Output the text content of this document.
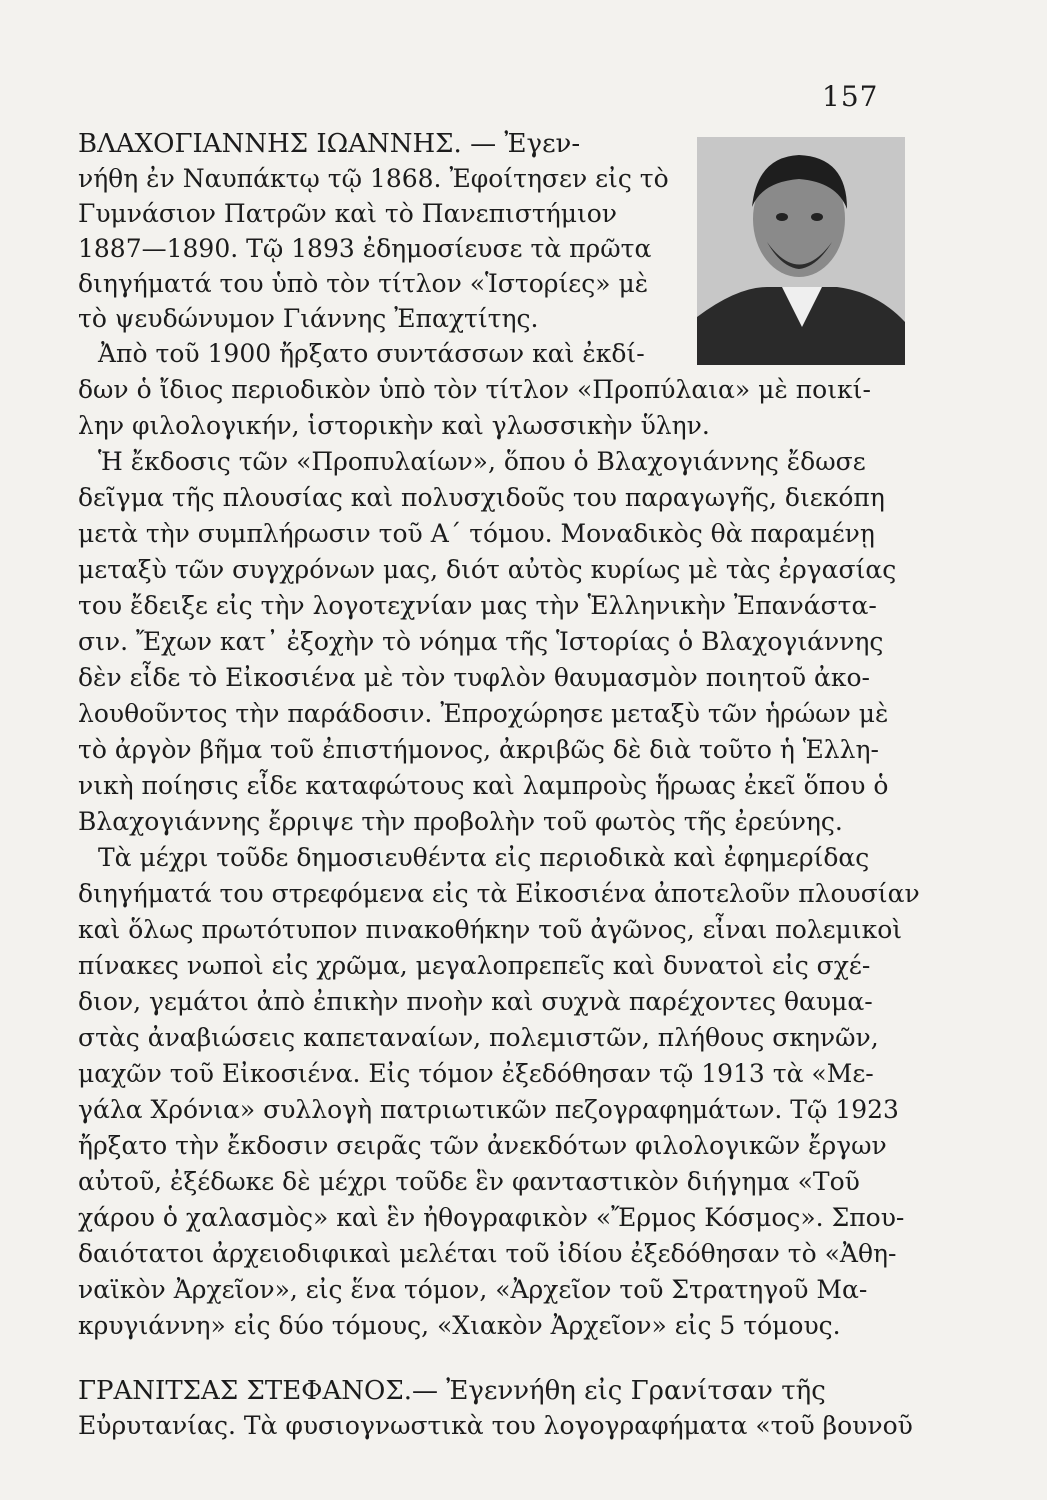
157
ΒΛΑΧΟΓΙΑΝΝΗΣ ΙΩΑΝΝΗΣ. — Ἐγεν-
νήθη ἐν Ναυπάκτῳ τῷ 1868. Ἐφοίτησεν εἰς τὸ
Γυμνάσιον Πατρῶν καὶ τὸ Πανεπιστήμιον
1887—1890. Τῷ 1893 ἐδημοσίευσε τὰ πρῶτα
διηγήματά του ὑπὸ τὸν τίτλον «Ἱστορίες» μὲ
τὸ ψευδώνυμον Γιάννης Ἐπαχτίτης.
Ἀπὸ τοῦ 1900 ἤρξατο συντάσσων καὶ ἐκδί-
δων ὁ ἴδιος περιοδικὸν ὑπὸ τὸν τίτλον «Προπύλαια» μὲ ποικί-
λην φιλολογικήν, ἱστορικὴν καὶ γλωσσικὴν ὕλην.
Ἡ ἔκδοσις τῶν «Προπυλαίων», ὅπου ὁ Βλαχογιάννης ἔδωσε
δεῖγμα τῆς πλουσίας καὶ πολυσχιδοῦς του παραγωγῆς, διεκόπη
μετὰ τὴν συμπλήρωσιν τοῦ Α΄ τόμου. Μοναδικὸς θὰ παραμένῃ
μεταξὺ τῶν συγχρόνων μας, διότ αὐτὸς κυρίως μὲ τὰς ἐργασίας
του ἔδειξε εἰς τὴν λογοτεχνίαν μας τὴν Ἑλληνικὴν Ἐπανάστα-
σιν. Ἔχων κατ᾽ ἐξοχὴν τὸ νόημα τῆς Ἱστορίας ὁ Βλαχογιάννης
δὲν εἶδε τὸ Εἰκοσιένα μὲ τὸν τυφλὸν θαυμασμὸν ποιητοῦ ἀκο-
λουθοῦντος τὴν παράδοσιν. Ἐπροχώρησε μεταξὺ τῶν ἡρώων μὲ
τὸ ἀργὸν βῆμα τοῦ ἐπιστήμονος, ἀκριβῶς δὲ διὰ τοῦτο ἡ Ἑλλη-
νικὴ ποίησις εἶδε καταφώτους καὶ λαμπροὺς ἥρωας ἐκεῖ ὅπου ὁ
Βλαχογιάννης ἔρριψε τὴν προβολὴν τοῦ φωτὸς τῆς ἐρεύνης.
Τὰ μέχρι τοῦδε δημοσιευθέντα εἰς περιοδικὰ καὶ ἐφημερίδας
διηγήματά του στρεφόμενα εἰς τὰ Εἰκοσιένα ἀποτελοῦν πλουσίαν
καὶ ὅλως πρωτότυπον πινακοθήκην τοῦ ἀγῶνος, εἶναι πολεμικοὶ
πίνακες νωποὶ εἰς χρῶμα, μεγαλοπρεπεῖς καὶ δυνατοὶ εἰς σχέ-
διον, γεμάτοι ἀπὸ ἐπικὴν πνοὴν καὶ συχνὰ παρέχοντες θαυμα-
στὰς ἀναβιώσεις καπεταναίων, πολεμιστῶν, πλήθους σκηνῶν,
μαχῶν τοῦ Εἰκοσιένα. Εἰς τόμον ἐξεδόθησαν τῷ 1913 τὰ «Με-
γάλα Χρόνια» συλλογὴ πατριωτικῶν πεζογραφημάτων. Τῷ 1923
ἤρξατο τὴν ἔκδοσιν σειρᾶς τῶν ἀνεκδότων φιλολογικῶν ἔργων
αὐτοῦ, ἐξέδωκε δὲ μέχρι τοῦδε ἓν φανταστικὸν διήγημα «Τοῦ
χάρου ὁ χαλασμὸς» καὶ ἓν ἠθογραφικὸν «Ἔρμος Κόσμος». Σπου-
δαιότατοι ἀρχειοδιφικαὶ μελέται τοῦ ἰδίου ἐξεδόθησαν τὸ «Ἀθη-
ναϊκὸν Ἀρχεῖον», εἰς ἕνα τόμον, «Ἀρχεῖον τοῦ Στρατηγοῦ Μα-
κρυγιάννη» εἰς δύο τόμους, «Χιακὸν Ἀρχεῖον» εἰς 5 τόμους.
ΓΡΑΝΙΤΣΑΣ ΣΤΕΦΑΝΟΣ.— Ἐγεννήθη εἰς Γρανίτσαν τῆς
Εὐρυτανίας. Τὰ φυσιογνωστικὰ του λογογραφήματα «τοῦ βουνοῦ
